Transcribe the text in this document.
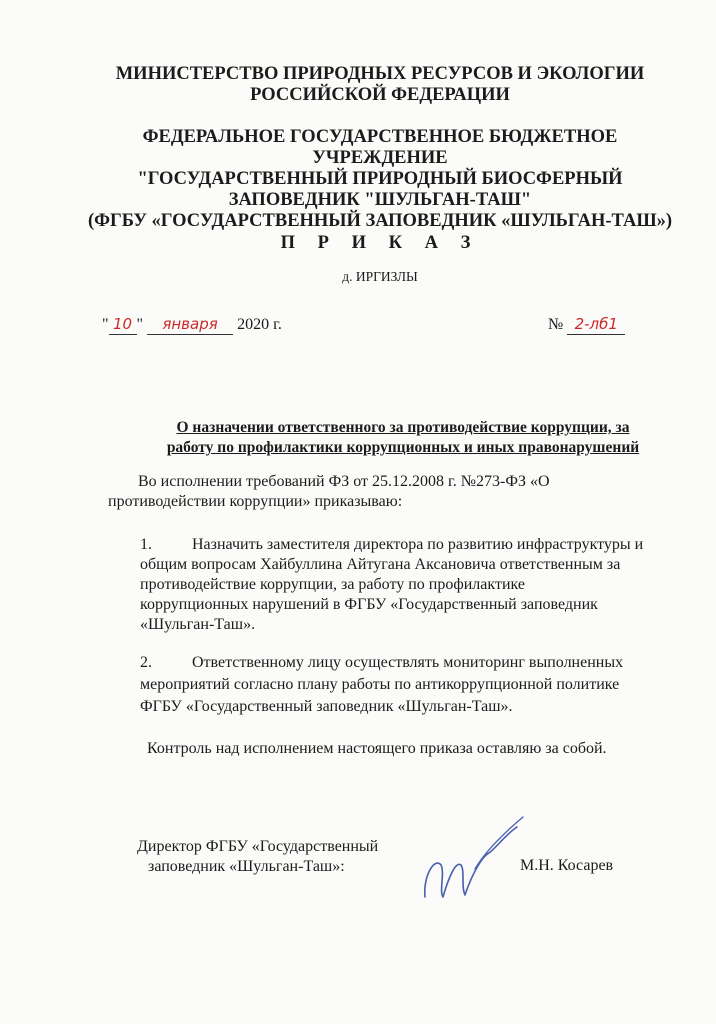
МИНИСТЕРСТВО ПРИРОДНЫХ РЕСУРСОВ И ЭКОЛОГИИ
РОССИЙСКОЙ ФЕДЕРАЦИИ
ФЕДЕРАЛЬНОЕ ГОСУДАРСТВЕННОЕ БЮДЖЕТНОЕ
УЧРЕЖДЕНИЕ
"ГОСУДАРСТВЕННЫЙ ПРИРОДНЫЙ БИОСФЕРНЫЙ
ЗАПОВЕДНИК "ШУЛЬГАН-ТАШ"
(ФГБУ «ГОСУДАРСТВЕННЫЙ ЗАПОВЕДНИК «ШУЛЬГАН-ТАШ»)
П Р И К А З
д. ИРГИЗЛЫ
" 10 " января 2020 г.	№ 2-лб1
О назначении ответственного за противодействие коррупции, за
работу по профилактики коррупционных и иных правонарушений
Во исполнении требований ФЗ от 25.12.2008 г. №273-ФЗ «О
противодействии коррупции» приказываю:
1.	Назначить заместителя директора по развитию инфраструктуры и
общим вопросам Хайбуллина Айтугана Аксановича ответственным за
противодействие коррупции, за работу по профилактике
коррупционных нарушений в ФГБУ «Государственный заповедник
«Шульган-Таш».
2.	Ответственному лицу осуществлять мониторинг выполненных
мероприятий согласно плану работы по антикоррупционной политике
ФГБУ «Государственный заповедник «Шульган-Таш».
Контроль над исполнением настоящего приказа оставляю за собой.
Директор ФГБУ «Государственный
заповедник «Шульган-Таш»:	М.Н. Косарев
